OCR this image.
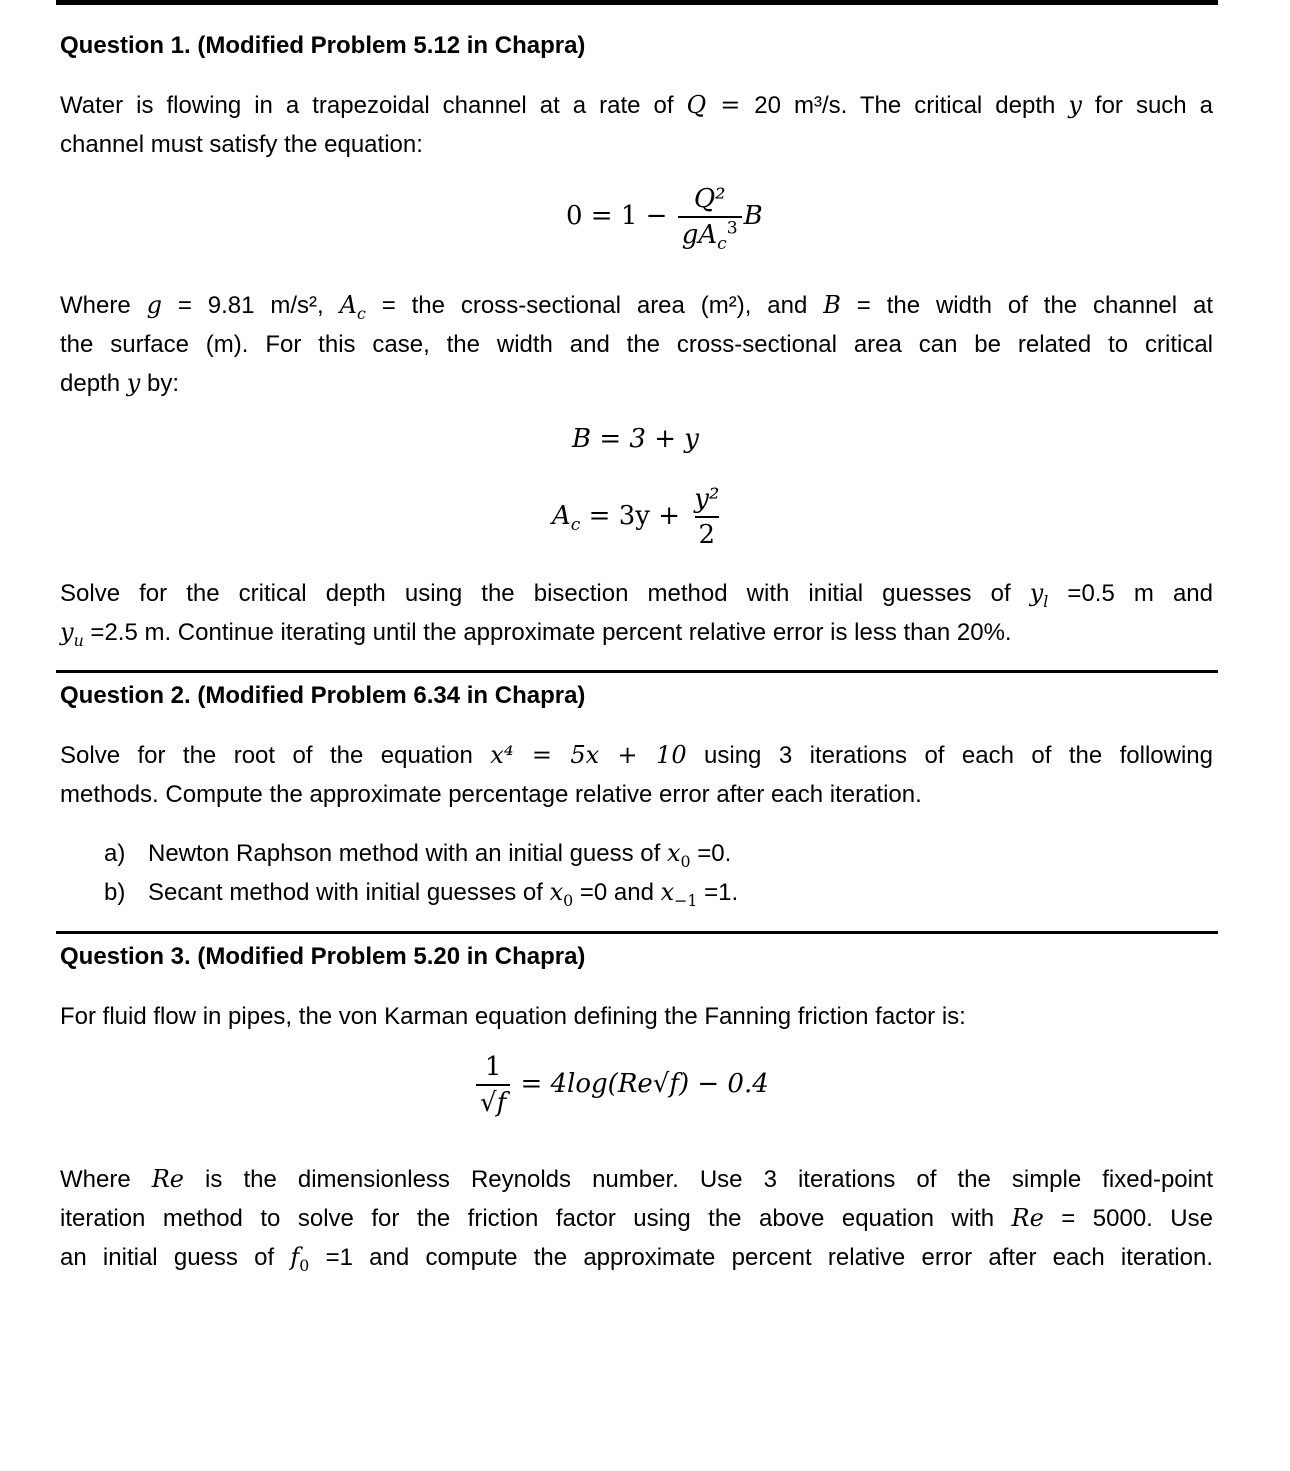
Question 1. (Modified Problem 5.12 in Chapra)
Water is flowing in a trapezoidal channel at a rate of Q = 20 m³/s. The critical depth y for such a
channel must satisfy the equation:
$0 = 1 - \frac{\text{Q²}}{gA_c^3}$ B
Where g = 9.81 m/s², $A_c$ = the cross-sectional area (m²), and B = the width of the channel at
the surface (m). For this case, the width and the cross-sectional area can be related to critical
depth y by:
B = 3 + y
$A_c = 3y + \frac{\text{y²}}{2}$
Solve for the critical depth using the bisection method with initial guesses of $y_l =0.5$ m and
$y_u =2.5$ m. Continue iterating until the approximate percent relative error is less than 20%.
Question 2. (Modified Problem 6.34 in Chapra)
Solve for the root of the equation x⁴ = 5x + 10 using 3 iterations of each of the following
methods. Compute the approximate percentage relative error after each iteration.
a) Newton Raphson method with an initial guess of $x_0 =0$.
b) Secant method with initial guesses of $x_0 =0$ and $x_{-1} =1$.
Question 3. (Modified Problem 5.20 in Chapra)
For fluid flow in pipes, the von Karman equation defining the Fanning friction factor is:
$\frac{1}{√f} = 4\log(Re√f) - 0.4$
Where Re is the dimensionless Reynolds number. Use 3 iterations of the simple fixed-point
iteration method to solve for the friction factor using the above equation with Re = 5000. Use
an initial guess of $f_0 =1$ and compute the approximate percent relative error after each iteration.
